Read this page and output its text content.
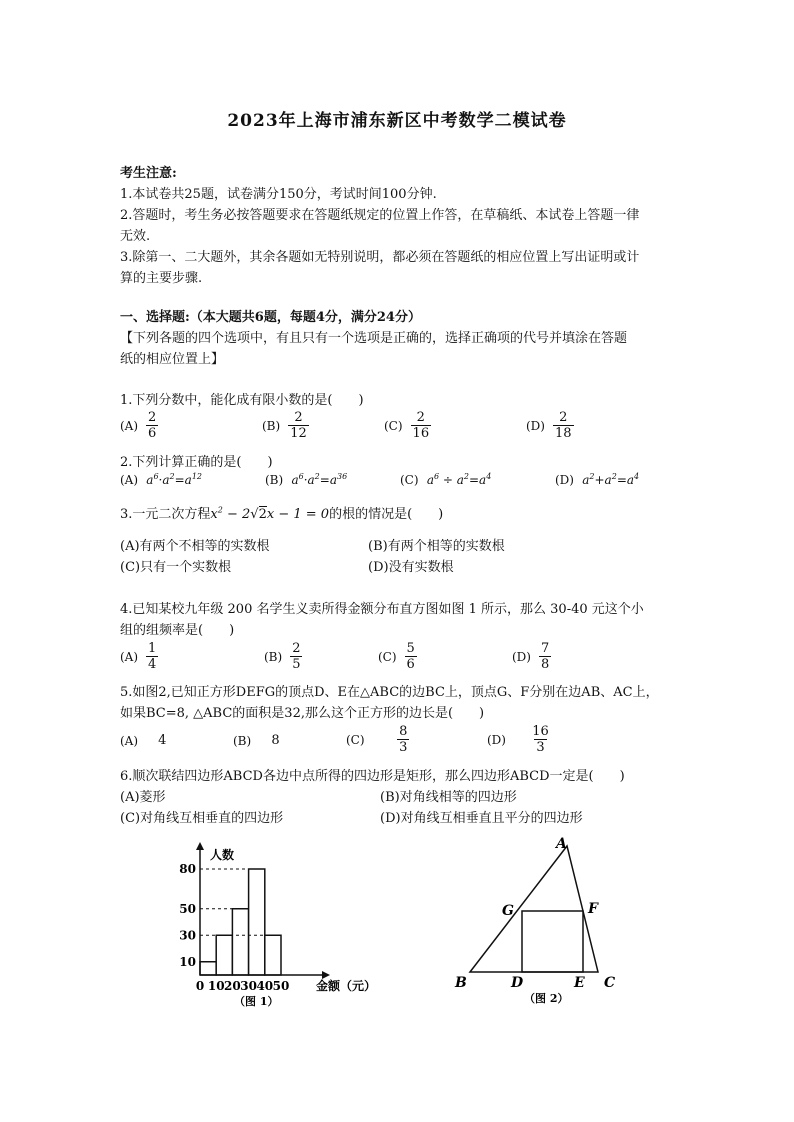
2023年上海市浦东新区中考数学二模试卷
考生注意:
1.本试卷共25题，试卷满分150分，考试时间100分钟.
2.答题时，考生务必按答题要求在答题纸规定的位置上作答，在草稿纸、本试卷上答题一律
无效.
3.除第一、二大题外，其余各题如无特别说明，都必须在答题纸的相应位置上写出证明或计
算的主要步骤.
一、选择题:（本大题共6题，每题4分，满分24分）
【下列各题的四个选项中，有且只有一个选项是正确的，选择正确项的代号并填涂在答题
纸的相应位置上】
1.下列分数中，能化成有限小数的是(　　)
$(A) \frac{2}{6}$	$(B) \frac{2}{12}$	$(C) \frac{2}{16}$	$(D) \frac{2}{18}$
2.下列计算正确的是(　　)
(A) $a^6\cdot a^2=a^{12}$	(B) $a^6\cdot a^2=a^{36}$	(C) $a^6 \div a^2=a^4$	(D) $a^2+a^2=a^4$
3.一元二次方程$x^2 - 2√2x - 1 = 0$的根的情况是(　　)
(A)有两个不相等的实数根	(B)有两个相等的实数根
(C)只有一个实数根	(D)没有实数根
4.已知某校九年级 200 名学生义卖所得金额分布直方图如图 1 所示，那么 30-40 元这个小
组的组频率是(　　)
$(A) \frac{1}{4}$	$(B) \frac{2}{5}$	$(C) \frac{5}{6}$	$(D) \frac{7}{8}$
5.如图2,已知正方形DEFG的顶点D、E在△ABC的边BC上，顶点G、F分别在边AB、AC上，
如果BC=8, △ABC的面积是32,那么这个正方形的边长是(　　)
(A)
4	(B)
8	(C)
	$\frac{8}{3}$	(D)
$\frac{16}{3}$
6.顺次联结四边形ABCD各边中点所得的四边形是矩形，那么四边形ABCD一定是(　　)
(A)菱形	(B)对角线相等的四边形
(C)对角线互相垂直的四边形	(D)对角线互相垂直且平分的四边形
10
30
50
80
0 10 20 30 40 50
人数
金额（元）
（图 1）
A
G	F
B	D	E C
（图 2）
